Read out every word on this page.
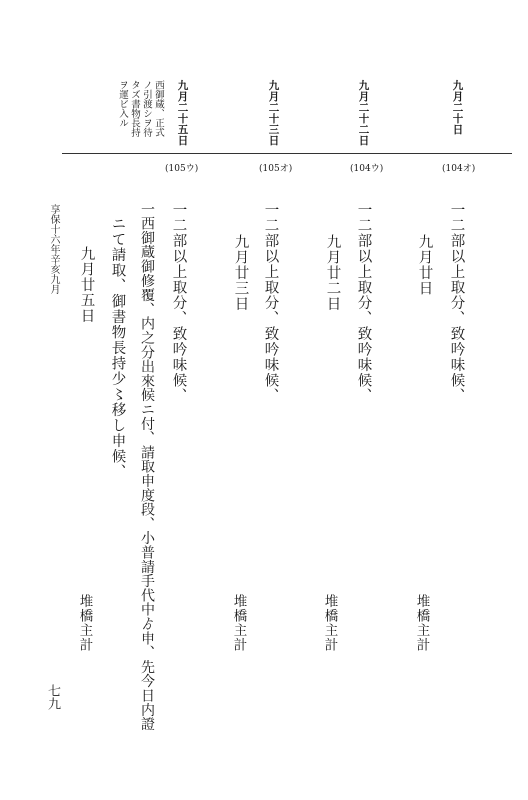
九月二十日
九月二十二日
九月二十三日
九月二十五日
西御蔵、正式
ノ引渡シヲ待
タズ書物長持
ヲ運ビ入ル
(104オ)
(104ウ)
(105オ)
(105ウ)
一二部以上取分、致吟味候、
九月廿日
堆橋主計
一二部以上取分、致吟味候、
九月廿二日
堆橋主計
一二部以上取分、致吟味候、
九月廿三日
堆橋主計
一二部以上取分、致吟味候、
一西御蔵御修覆、内之分出來候ニ付、請取申度段、小普請手代中ゟ申、先今日内證
ニて請取、御書物長持少〻移し申候、
九月廿五日
堆橋主計
享保十六年辛亥九月
七九
